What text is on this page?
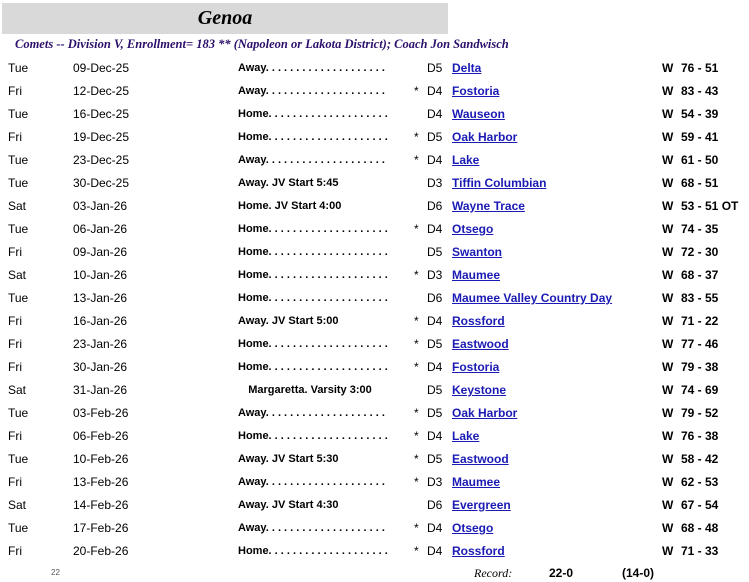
Genoa
Comets -- Division V, Enrollment= 183 ** (Napoleon or Lakota District); Coach Jon Sandwisch
Tue	09-Dec-25	Away. . . . . . . . . . . . . . . . . . . .	D5 Delta	W 76 - 51
Fri	12-Dec-25	Away. . . . . . . . . . . . . . . . . . . . * D4 Fostoria	W 83 - 43
Tue	16-Dec-25	Home. . . . . . . . . . . . . . . . . . . .	D4 Wauseon	W 54 - 39
Fri	19-Dec-25	Home. . . . . . . . . . . . . . . . . . . . * D5 Oak Harbor	W 59 - 41
Tue	23-Dec-25	Away. . . . . . . . . . . . . . . . . . . . * D4 Lake	W 61 - 50
Tue	30-Dec-25	Away. JV Start 5:45	D3 Tiffin Columbian	W 68 - 51
Sat	03-Jan-26	Home. JV Start 4:00	D6 Wayne Trace	W 53 - 51 OT
Tue	06-Jan-26	Home. . . . . . . . . . . . . . . . . . . . * D4 Otsego	W 74 - 35
Fri	09-Jan-26	Home. . . . . . . . . . . . . . . . . . . .	D5 Swanton	W 72 - 30
Sat	10-Jan-26	Home. . . . . . . . . . . . . . . . . . . . * D3 Maumee	W 68 - 37
Tue	13-Jan-26	Home. . . . . . . . . . . . . . . . . . . .	D6 Maumee Valley Country Day	W 83 - 55
Fri	16-Jan-26	Away. JV Start 5:00	* D4 Rossford	W 71 - 22
Fri	23-Jan-26	Home. . . . . . . . . . . . . . . . . . . . * D5 Eastwood	W 77 - 46
Fri	30-Jan-26	Home. . . . . . . . . . . . . . . . . . . . * D4 Fostoria	W 79 - 38
Sat	31-Jan-26	Margaretta. Varsity 3:00	D5 Keystone	W 74 - 69
Tue	03-Feb-26	Away. . . . . . . . . . . . . . . . . . . . * D5 Oak Harbor	W 79 - 52
Fri	06-Feb-26	Home. . . . . . . . . . . . . . . . . . . . * D4 Lake	W 76 - 38
Tue	10-Feb-26	Away. JV Start 5:30	* D5 Eastwood	W 58 - 42
Fri	13-Feb-26	Away. . . . . . . . . . . . . . . . . . . . * D3 Maumee	W 62 - 53
Sat	14-Feb-26	Away. JV Start 4:30	D6 Evergreen	W 67 - 54
Tue	17-Feb-26	Away. . . . . . . . . . . . . . . . . . . . * D4 Otsego	W 68 - 48
Fri	20-Feb-26	Home. . . . . . . . . . . . . . . . . . . . * D4 Rossford	W 71 - 33
22	Record:	22-0	(14-0)
